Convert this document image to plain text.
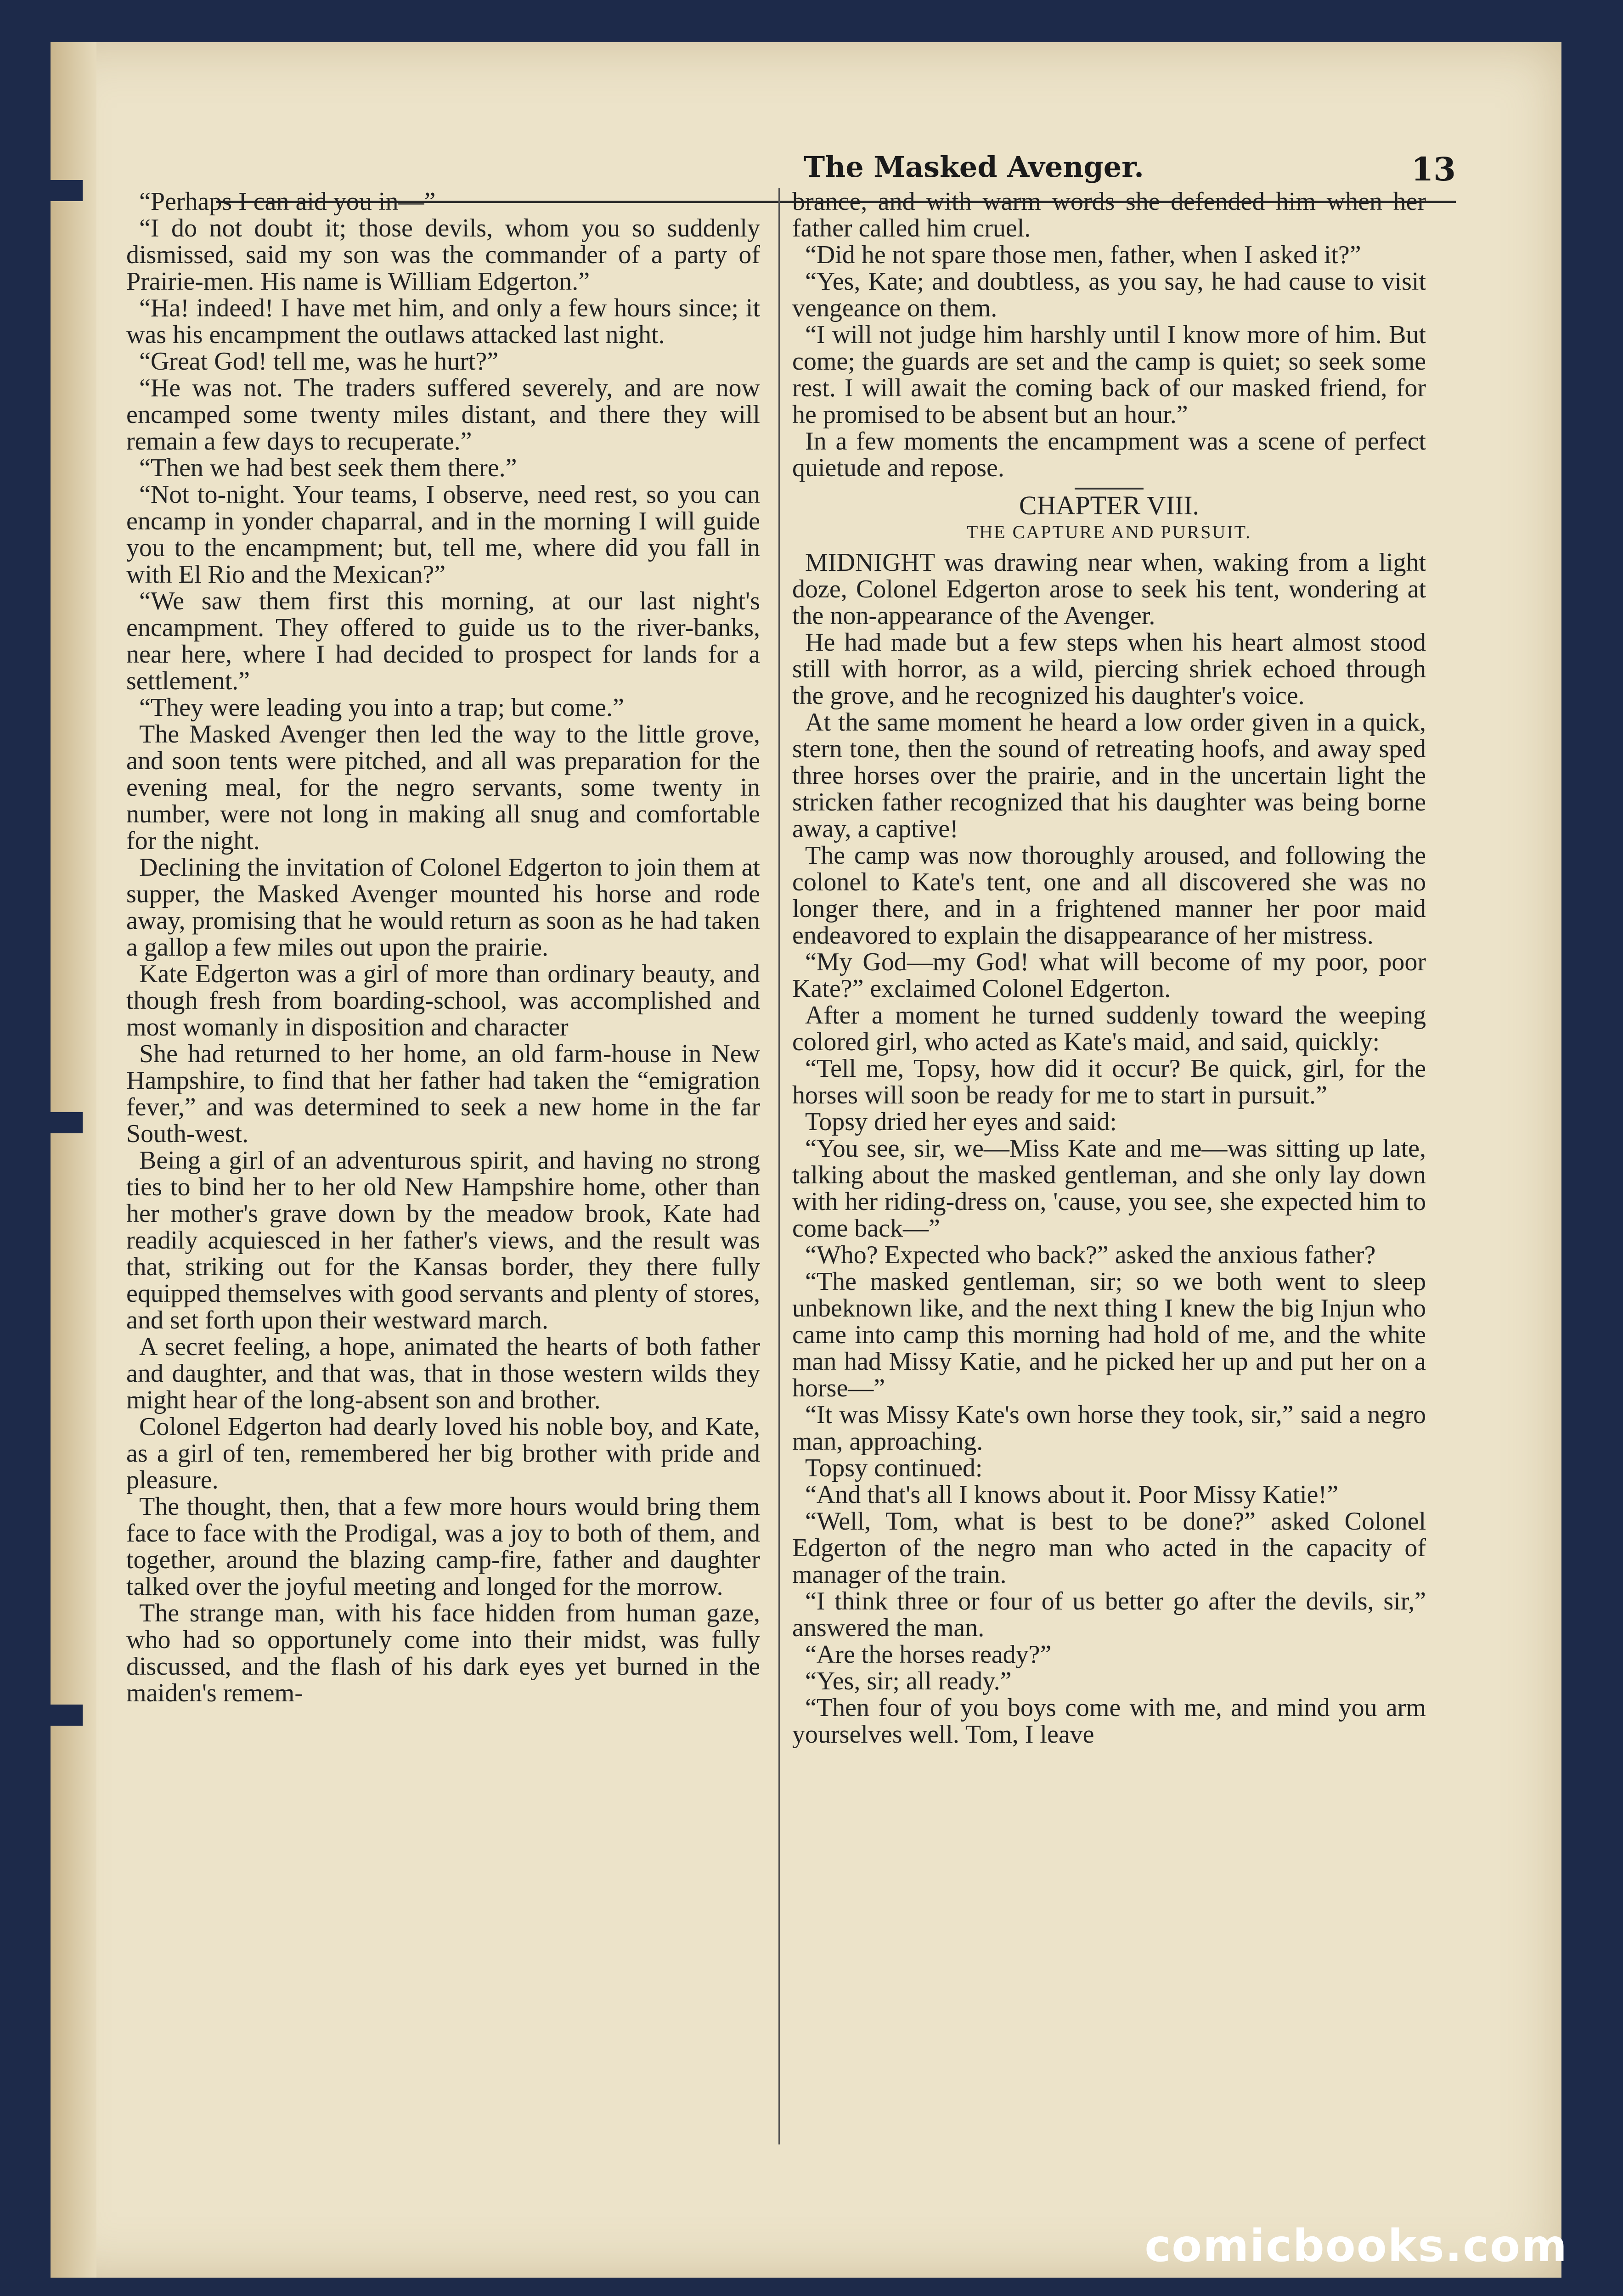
The Masked Avenger.	13

“Perhaps I can aid you in—”

“I do not doubt it; those devils, whom you so suddenly dismissed, said my son was the commander of a party of Prairie-men. His name is William Edgerton.”

“Ha! indeed! I have met him, and only a few hours since; it was his encampment the outlaws attacked last night.

“Great God! tell me, was he hurt?”

“He was not. The traders suffered severely, and are now encamped some twenty miles distant, and there they will remain a few days to recuperate.”

“Then we had best seek them there.”

“Not to-night. Your teams, I observe, need rest, so you can encamp in yonder chaparral, and in the morning I will guide you to the encampment; but, tell me, where did you fall in with El Rio and the Mexican?”

“We saw them first this morning, at our last night's encampment. They offered to guide us to the river-banks, near here, where I had decided to prospect for lands for a settlement.”

“They were leading you into a trap; but come.”

The Masked Avenger then led the way to the little grove, and soon tents were pitched, and all was preparation for the evening meal, for the negro servants, some twenty in number, were not long in making all snug and comfortable for the night.

Declining the invitation of Colonel Edgerton to join them at supper, the Masked Avenger mounted his horse and rode away, promising that he would return as soon as he had taken a gallop a few miles out upon the prairie.

Kate Edgerton was a girl of more than ordinary beauty, and though fresh from boarding-school, was accomplished and most womanly in disposition and character

She had returned to her home, an old farm-house in New Hampshire, to find that her father had taken the “emigration fever,” and was determined to seek a new home in the far South-west.

Being a girl of an adventurous spirit, and having no strong ties to bind her to her old New Hampshire home, other than her mother's grave down by the meadow brook, Kate had readily acquiesced in her father's views, and the result was that, striking out for the Kansas border, they there fully equipped themselves with good servants and plenty of stores, and set forth upon their westward march.

A secret feeling, a hope, animated the hearts of both father and daughter, and that was, that in those western wilds they might hear of the long-absent son and brother.

Colonel Edgerton had dearly loved his noble boy, and Kate, as a girl of ten, remembered her big brother with pride and pleasure.

The thought, then, that a few more hours would bring them face to face with the Prodigal, was a joy to both of them, and together, around the blazing camp-fire, father and daughter talked over the joyful meeting and longed for the morrow.

The strange man, with his face hidden from human gaze, who had so opportunely come into their midst, was fully discussed, and the flash of his dark eyes yet burned in the maiden's remem-

brance, and with warm words she defended him when her father called him cruel.

“Did he not spare those men, father, when I asked it?”

“Yes, Kate; and doubtless, as you say, he had cause to visit vengeance on them.

“I will not judge him harshly until I know more of him. But come; the guards are set and the camp is quiet; so seek some rest. I will await the coming back of our masked friend, for he promised to be absent but an hour.”

In a few moments the encampment was a scene of perfect quietude and repose.

CHAPTER VIII.

THE CAPTURE AND PURSUIT.

MIDNIGHT was drawing near when, waking from a light doze, Colonel Edgerton arose to seek his tent, wondering at the non-appearance of the Avenger.

He had made but a few steps when his heart almost stood still with horror, as a wild, piercing shriek echoed through the grove, and he recognized his daughter's voice.

At the same moment he heard a low order given in a quick, stern tone, then the sound of retreating hoofs, and away sped three horses over the prairie, and in the uncertain light the stricken father recognized that his daughter was being borne away, a captive!

The camp was now thoroughly aroused, and following the colonel to Kate's tent, one and all discovered she was no longer there, and in a frightened manner her poor maid endeavored to explain the disappearance of her mistress.

“My God—my God! what will become of my poor, poor Kate?” exclaimed Colonel Edgerton.

After a moment he turned suddenly toward the weeping colored girl, who acted as Kate's maid, and said, quickly:

“Tell me, Topsy, how did it occur? Be quick, girl, for the horses will soon be ready for me to start in pursuit.”

Topsy dried her eyes and said:

“You see, sir, we—Miss Kate and me—was sitting up late, talking about the masked gentleman, and she only lay down with her riding-dress on, 'cause, you see, she expected him to come back—”

“Who? Expected who back?” asked the anxious father?

“The masked gentleman, sir; so we both went to sleep unbeknown like, and the next thing I knew the big Injun who came into camp this morning had hold of me, and the white man had Missy Katie, and he picked her up and put her on a horse—”

“It was Missy Kate's own horse they took, sir,” said a negro man, approaching.

Topsy continued:

“And that's all I knows about it. Poor Missy Katie!”

“Well, Tom, what is best to be done?” asked Colonel Edgerton of the negro man who acted in the capacity of manager of the train.

“I think three or four of us better go after the devils, sir,” answered the man.

“Are the horses ready?”

“Yes, sir; all ready.”

“Then four of you boys come with me, and mind you arm yourselves well. Tom, I leave

comicbooks.com
